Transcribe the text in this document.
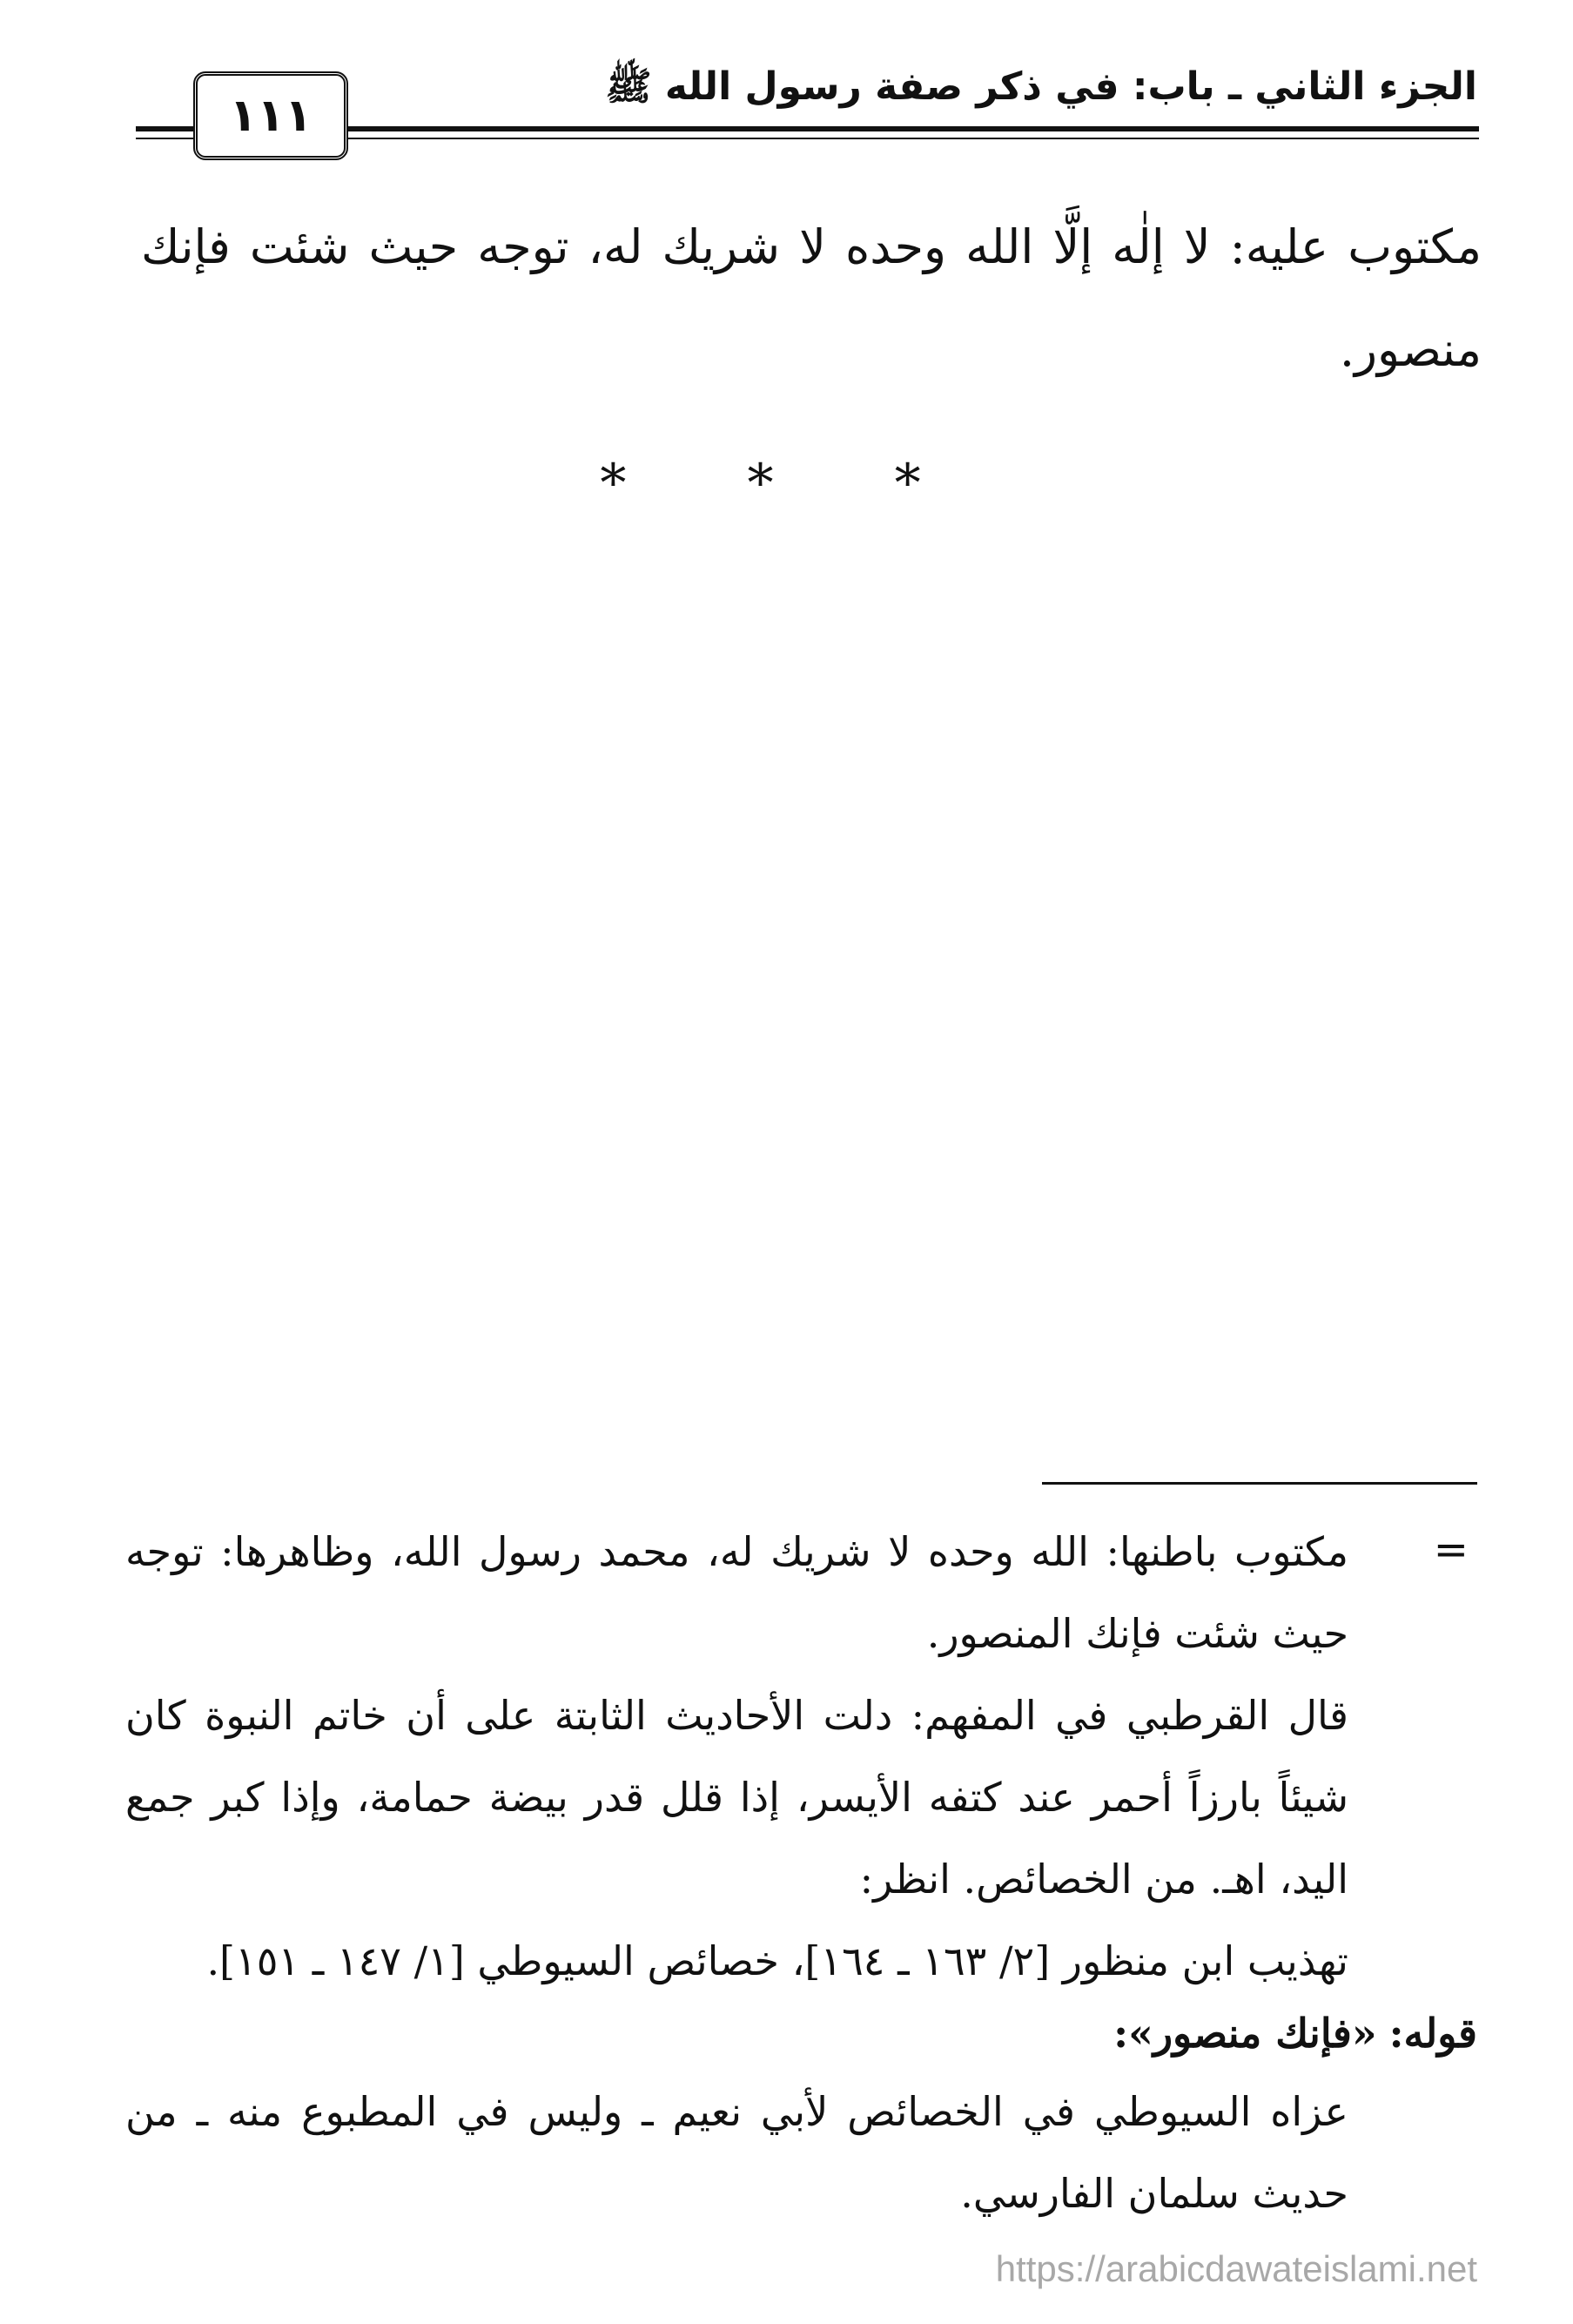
الجزء الثاني ـ باب: في ذكر صفة رسول الله ﷺ
١١١
مكتوب عليه: لا إلٰه إلَّا الله وحده لا شريك له، توجه حيث شئت فإنك منصور.
* * *
=

مكتوب باطنها: الله وحده لا شريك له، محمد رسول الله، وظاهرها: توجه حيث شئت فإنك المنصور.

قال القرطبي في المفهم: دلت الأحاديث الثابتة على أن خاتم النبوة كان شيئاً بارزاً أحمر عند كتفه الأيسر، إذا قلل قدر بيضة حمامة، وإذا كبر جمع اليد، اهـ. من الخصائص. انظر:

تهذيب ابن منظور [٢/ ١٦٣ ـ ١٦٤]، خصائص السيوطي [١/ ١٤٧ ـ ١٥١].

قوله:«فإنك منصور»:
عزاه السيوطي في الخصائص لأبي نعيم ـ وليس في المطبوع منه ـ من حديث سلمان الفارسي.
https://arabicdawateislami.net
